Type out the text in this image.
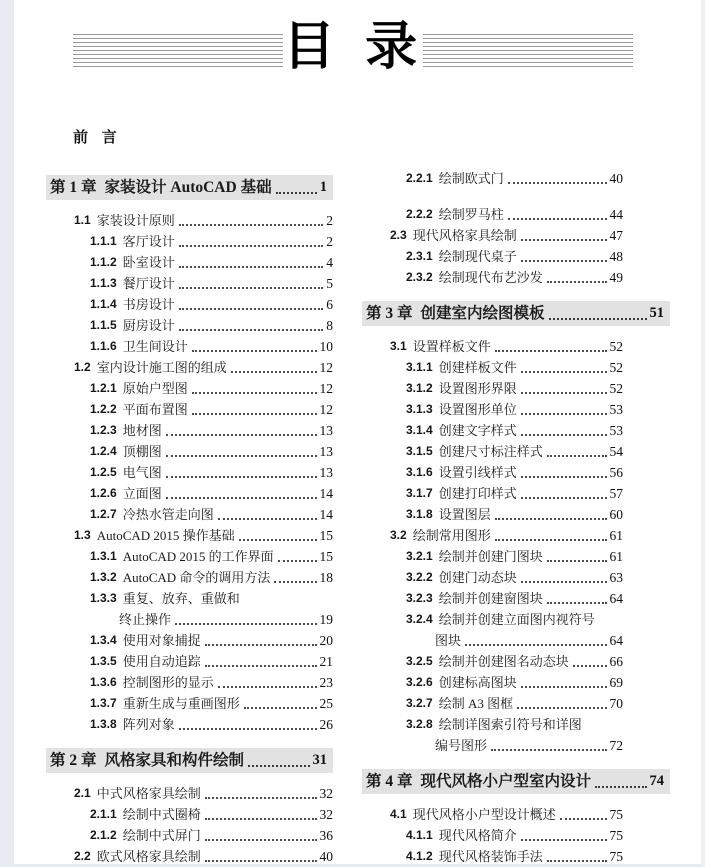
目 录
前 言
第 1 章 家装设计 AutoCAD 基础	1
1.1 家装设计原则	2
1.1.1 客厅设计	2
1.1.2 卧室设计	4
1.1.3 餐厅设计	5
1.1.4 书房设计	6
1.1.5 厨房设计	8
1.1.6 卫生间设计	10
1.2 室内设计施工图的组成	12
1.2.1 原始户型图	12
1.2.2 平面布置图	12
1.2.3 地材图	13
1.2.4 顶棚图	13
1.2.5 电气图	13
1.2.6 立面图	14
1.2.7 冷热水管走向图	14
1.3 AutoCAD 2015 操作基础	15
1.3.1 AutoCAD 2015 的工作界面	15
1.3.2 AutoCAD 命令的调用方法	18
1.3.3 重复、放弃、重做和
终止操作	19
1.3.4 使用对象捕捉	20
1.3.5 使用自动追踪	21
1.3.6 控制图形的显示	23
1.3.7 重新生成与重画图形	25
1.3.8 阵列对象	26
第 2 章 风格家具和构件绘制	31
2.1 中式风格家具绘制	32
2.1.1 绘制中式圈椅	32
2.1.2 绘制中式屏门	36
2.2 欧式风格家具绘制	40
2.2.1 绘制欧式门	40
2.2.2 绘制罗马柱	44
2.3 现代风格家具绘制	47
2.3.1 绘制现代桌子	48
2.3.2 绘制现代布艺沙发	49
第 3 章 创建室内绘图模板	51
3.1 设置样板文件	52
3.1.1 创建样板文件	52
3.1.2 设置图形界限	52
3.1.3 设置图形单位	53
3.1.4 创建文字样式	53
3.1.5 创建尺寸标注样式	54
3.1.6 设置引线样式	56
3.1.7 创建打印样式	57
3.1.8 设置图层	60
3.2 绘制常用图形	61
3.2.1 绘制并创建门图块	61
3.2.2 创建门动态块	63
3.2.3 绘制并创建窗图块	64
3.2.4 绘制并创建立面图内视符号
图块	64
3.2.5 绘制并创建图名动态块	66
3.2.6 创建标高图块	69
3.2.7 绘制 A3 图框	70
3.2.8 绘制详图索引符号和详图
编号图形	72
第 4 章 现代风格小户型室内设计	74
4.1 现代风格小户型设计概述	75
4.1.1 现代风格简介	75
4.1.2 现代风格装饰手法	75
